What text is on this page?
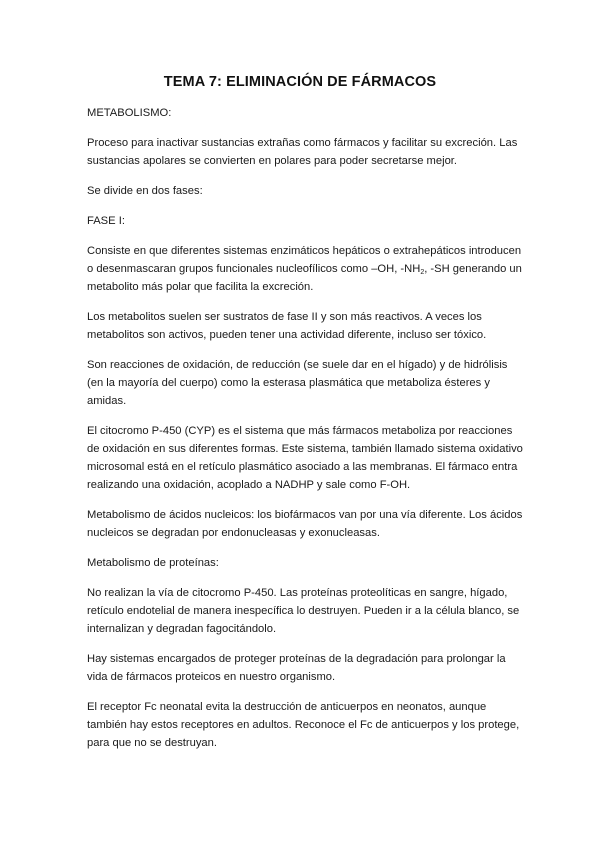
TEMA 7: ELIMINACIÓN DE FÁRMACOS

METABOLISMO:

Proceso para inactivar sustancias extrañas como fármacos y facilitar su excreción. Las sustancias apolares se convierten en polares para poder secretarse mejor.

Se divide en dos fases:

FASE I:

Consiste en que diferentes sistemas enzimáticos hepáticos o extrahepáticos introducen o desenmascaran grupos funcionales nucleofílicos como –OH, $-NH_2$, -SH generando un metabolito más polar que facilita la excreción.

Los metabolitos suelen ser sustratos de fase II y son más reactivos. A veces los metabolitos son activos, pueden tener una actividad diferente, incluso ser tóxico.

Son reacciones de oxidación, de reducción (se suele dar en el hígado) y de hidrólisis (en la mayoría del cuerpo) como la esterasa plasmática que metaboliza ésteres y amidas.

El citocromo P-450 (CYP) es el sistema que más fármacos metaboliza por reacciones de oxidación en sus diferentes formas. Este sistema, también llamado sistema oxidativo microsomal está en el retículo plasmático asociado a las membranas. El fármaco entra realizando una oxidación, acoplado a NADHP y sale como F-OH.

Metabolismo de ácidos nucleicos: los biofármacos van por una vía diferente. Los ácidos nucleicos se degradan por endonucleasas y exonucleasas.

Metabolismo de proteínas:

No realizan la vía de citocromo P-450. Las proteínas proteolíticas en sangre, hígado, retículo endotelial de manera inespecífica lo destruyen. Pueden ir a la célula blanco, se internalizan y degradan fagocitándolo.

Hay sistemas encargados de proteger proteínas de la degradación para prolongar la vida de fármacos proteicos en nuestro organismo.

El receptor Fc neonatal evita la destrucción de anticuerpos en neonatos, aunque también hay estos receptores en adultos. Reconoce el Fc de anticuerpos y los protege, para que no se destruyan.
